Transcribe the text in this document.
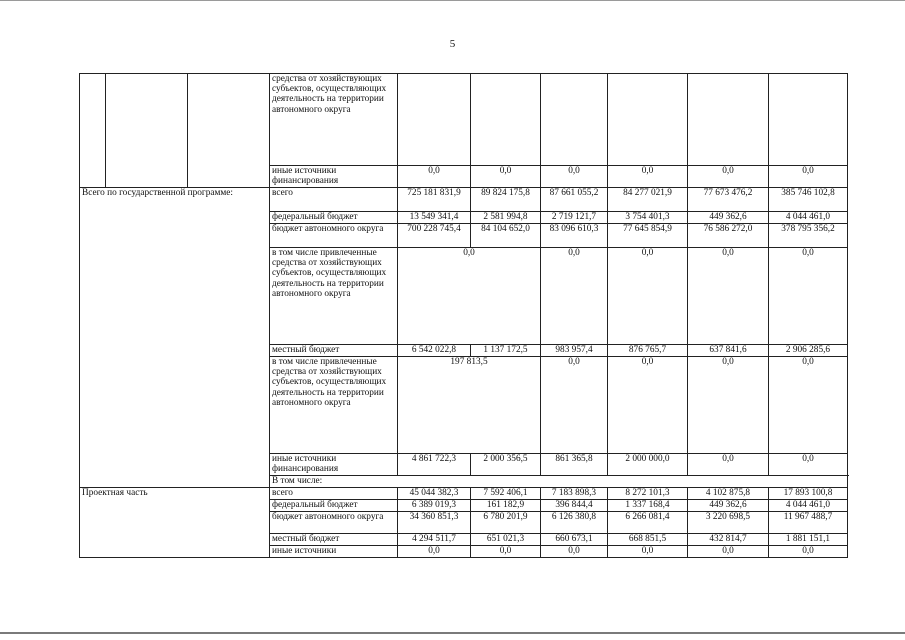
5
			средства от хозяйствующих субъектов, осуществляющих деятельность на территории автономного округа						
			иные источники финансирования	0,0	0,0	0,0	0,0	0,0	0,0
Всего по государственной программе:			всего	725 181 831,9	89 824 175,8	87 661 055,2	84 277 021,9	77 673 476,2	385 746 102,8
			федеральный бюджет	13 549 341,4	2 581 994,8	2 719 121,7	3 754 401,3	449 362,6	4 044 461,0
			бюджет автономного округа	700 228 745,4	84 104 652,0	83 096 610,3	77 645 854,9	76 586 272,0	378 795 356,2
			в том числе привлеченные средства от хозяйствующих субъектов, осуществляющих деятельность на территории автономного округа	0,0		0,0	0,0	0,0	0,0
			местный бюджет	6 542 022,8	1 137 172,5	983 957,4	876 765,7	637 841,6	2 906 285,6
			в том числе привлеченные средства от хозяйствующих субъектов, осуществляющих деятельность на территории автономного округа	197 813,5		0,0	0,0	0,0	0,0
			иные источники финансирования	4 861 722,3	2 000 356,5	861 365,8	2 000 000,0	0,0	0,0
			В том числе:						
Проектная часть			всего	45 044 382,3	7 592 406,1	7 183 898,3	8 272 101,3	4 102 875,8	17 893 100,8
			федеральный бюджет	6 389 019,3	161 182,9	396 844,4	1 337 168,4	449 362,6	4 044 461,0
			бюджет автономного округа	34 360 851,3	6 780 201,9	6 126 380,8	6 266 081,4	3 220 698,5	11 967 488,7
			местный бюджет	4 294 511,7	651 021,3	660 673,1	668 851,5	432 814,7	1 881 151,1
			иные источники	0,0	0,0	0,0	0,0	0,0	0,0
